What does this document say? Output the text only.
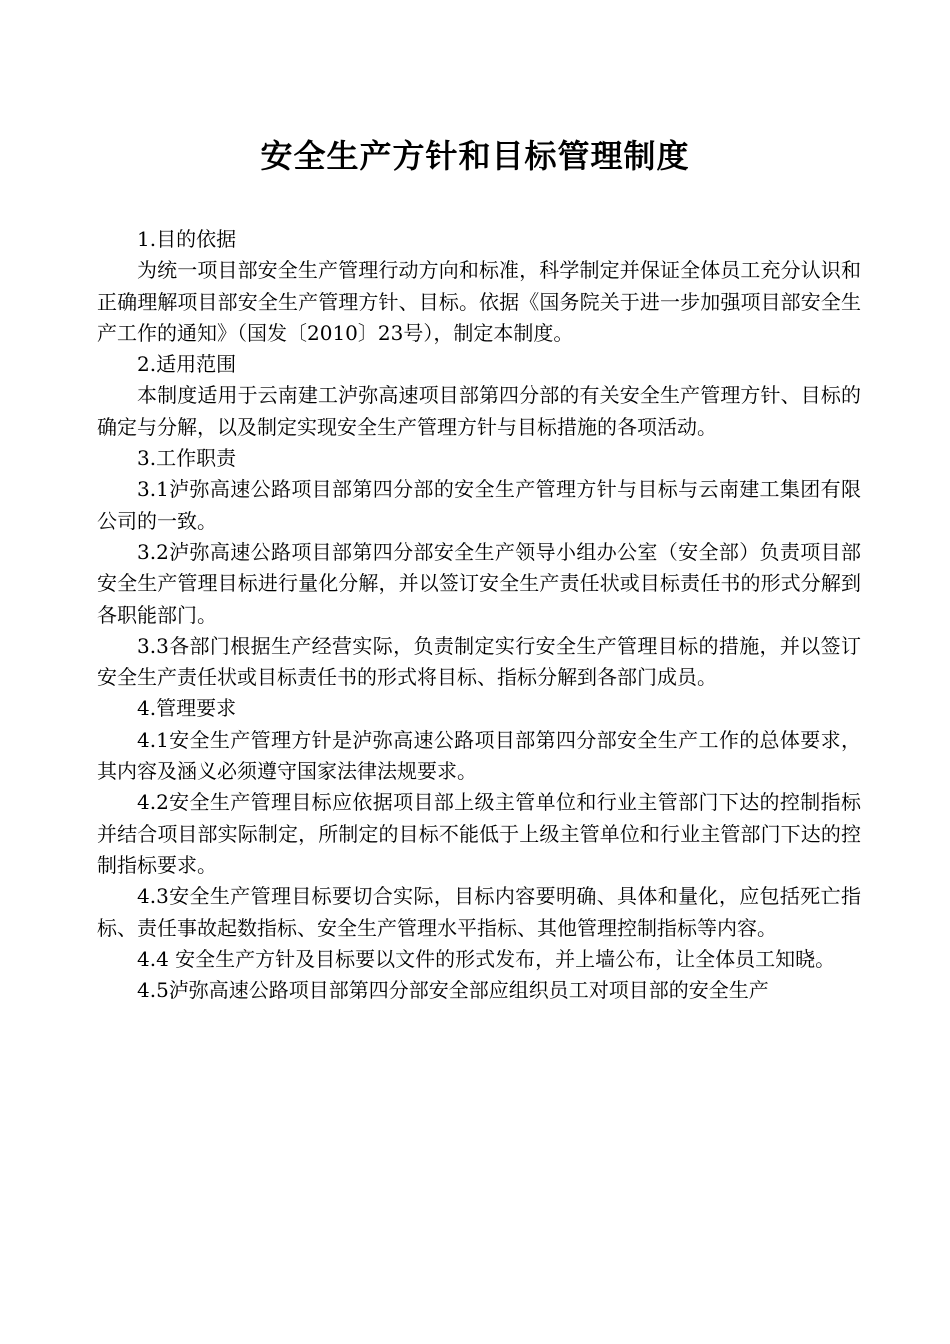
安全生产方针和目标管理制度

1.目的依据

为统一项目部安全生产管理行动方向和标准，科学制定并保证全体员工充分认识和正确理解项目部安全生产管理方针、目标。依据《国务院关于进一步加强项目部安全生产工作的通知》（国发〔2010〕23号），制定本制度。

2.适用范围

本制度适用于云南建工泸弥高速项目部第四分部的有关安全生产管理方针、目标的确定与分解，以及制定实现安全生产管理方针与目标措施的各项活动。

3.工作职责

3.1泸弥高速公路项目部第四分部的安全生产管理方针与目标与云南建工集团有限公司的一致。

3.2泸弥高速公路项目部第四分部安全生产领导小组办公室（安全部）负责项目部安全生产管理目标进行量化分解，并以签订安全生产责任状或目标责任书的形式分解到各职能部门。

3.3各部门根据生产经营实际，负责制定实行安全生产管理目标的措施，并以签订安全生产责任状或目标责任书的形式将目标、指标分解到各部门成员。

4.管理要求

4.1安全生产管理方针是泸弥高速公路项目部第四分部安全生产工作的总体要求，其内容及涵义必须遵守国家法律法规要求。

4.2安全生产管理目标应依据项目部上级主管单位和行业主管部门下达的控制指标并结合项目部实际制定，所制定的目标不能低于上级主管单位和行业主管部门下达的控制指标要求。

4.3安全生产管理目标要切合实际，目标内容要明确、具体和量化，应包括死亡指标、责任事故起数指标、安全生产管理水平指标、其他管理控制指标等内容。

4.4 安全生产方针及目标要以文件的形式发布，并上墙公布，让全体员工知晓。

4.5泸弥高速公路项目部第四分部安全部应组织员工对项目部的安全生产
